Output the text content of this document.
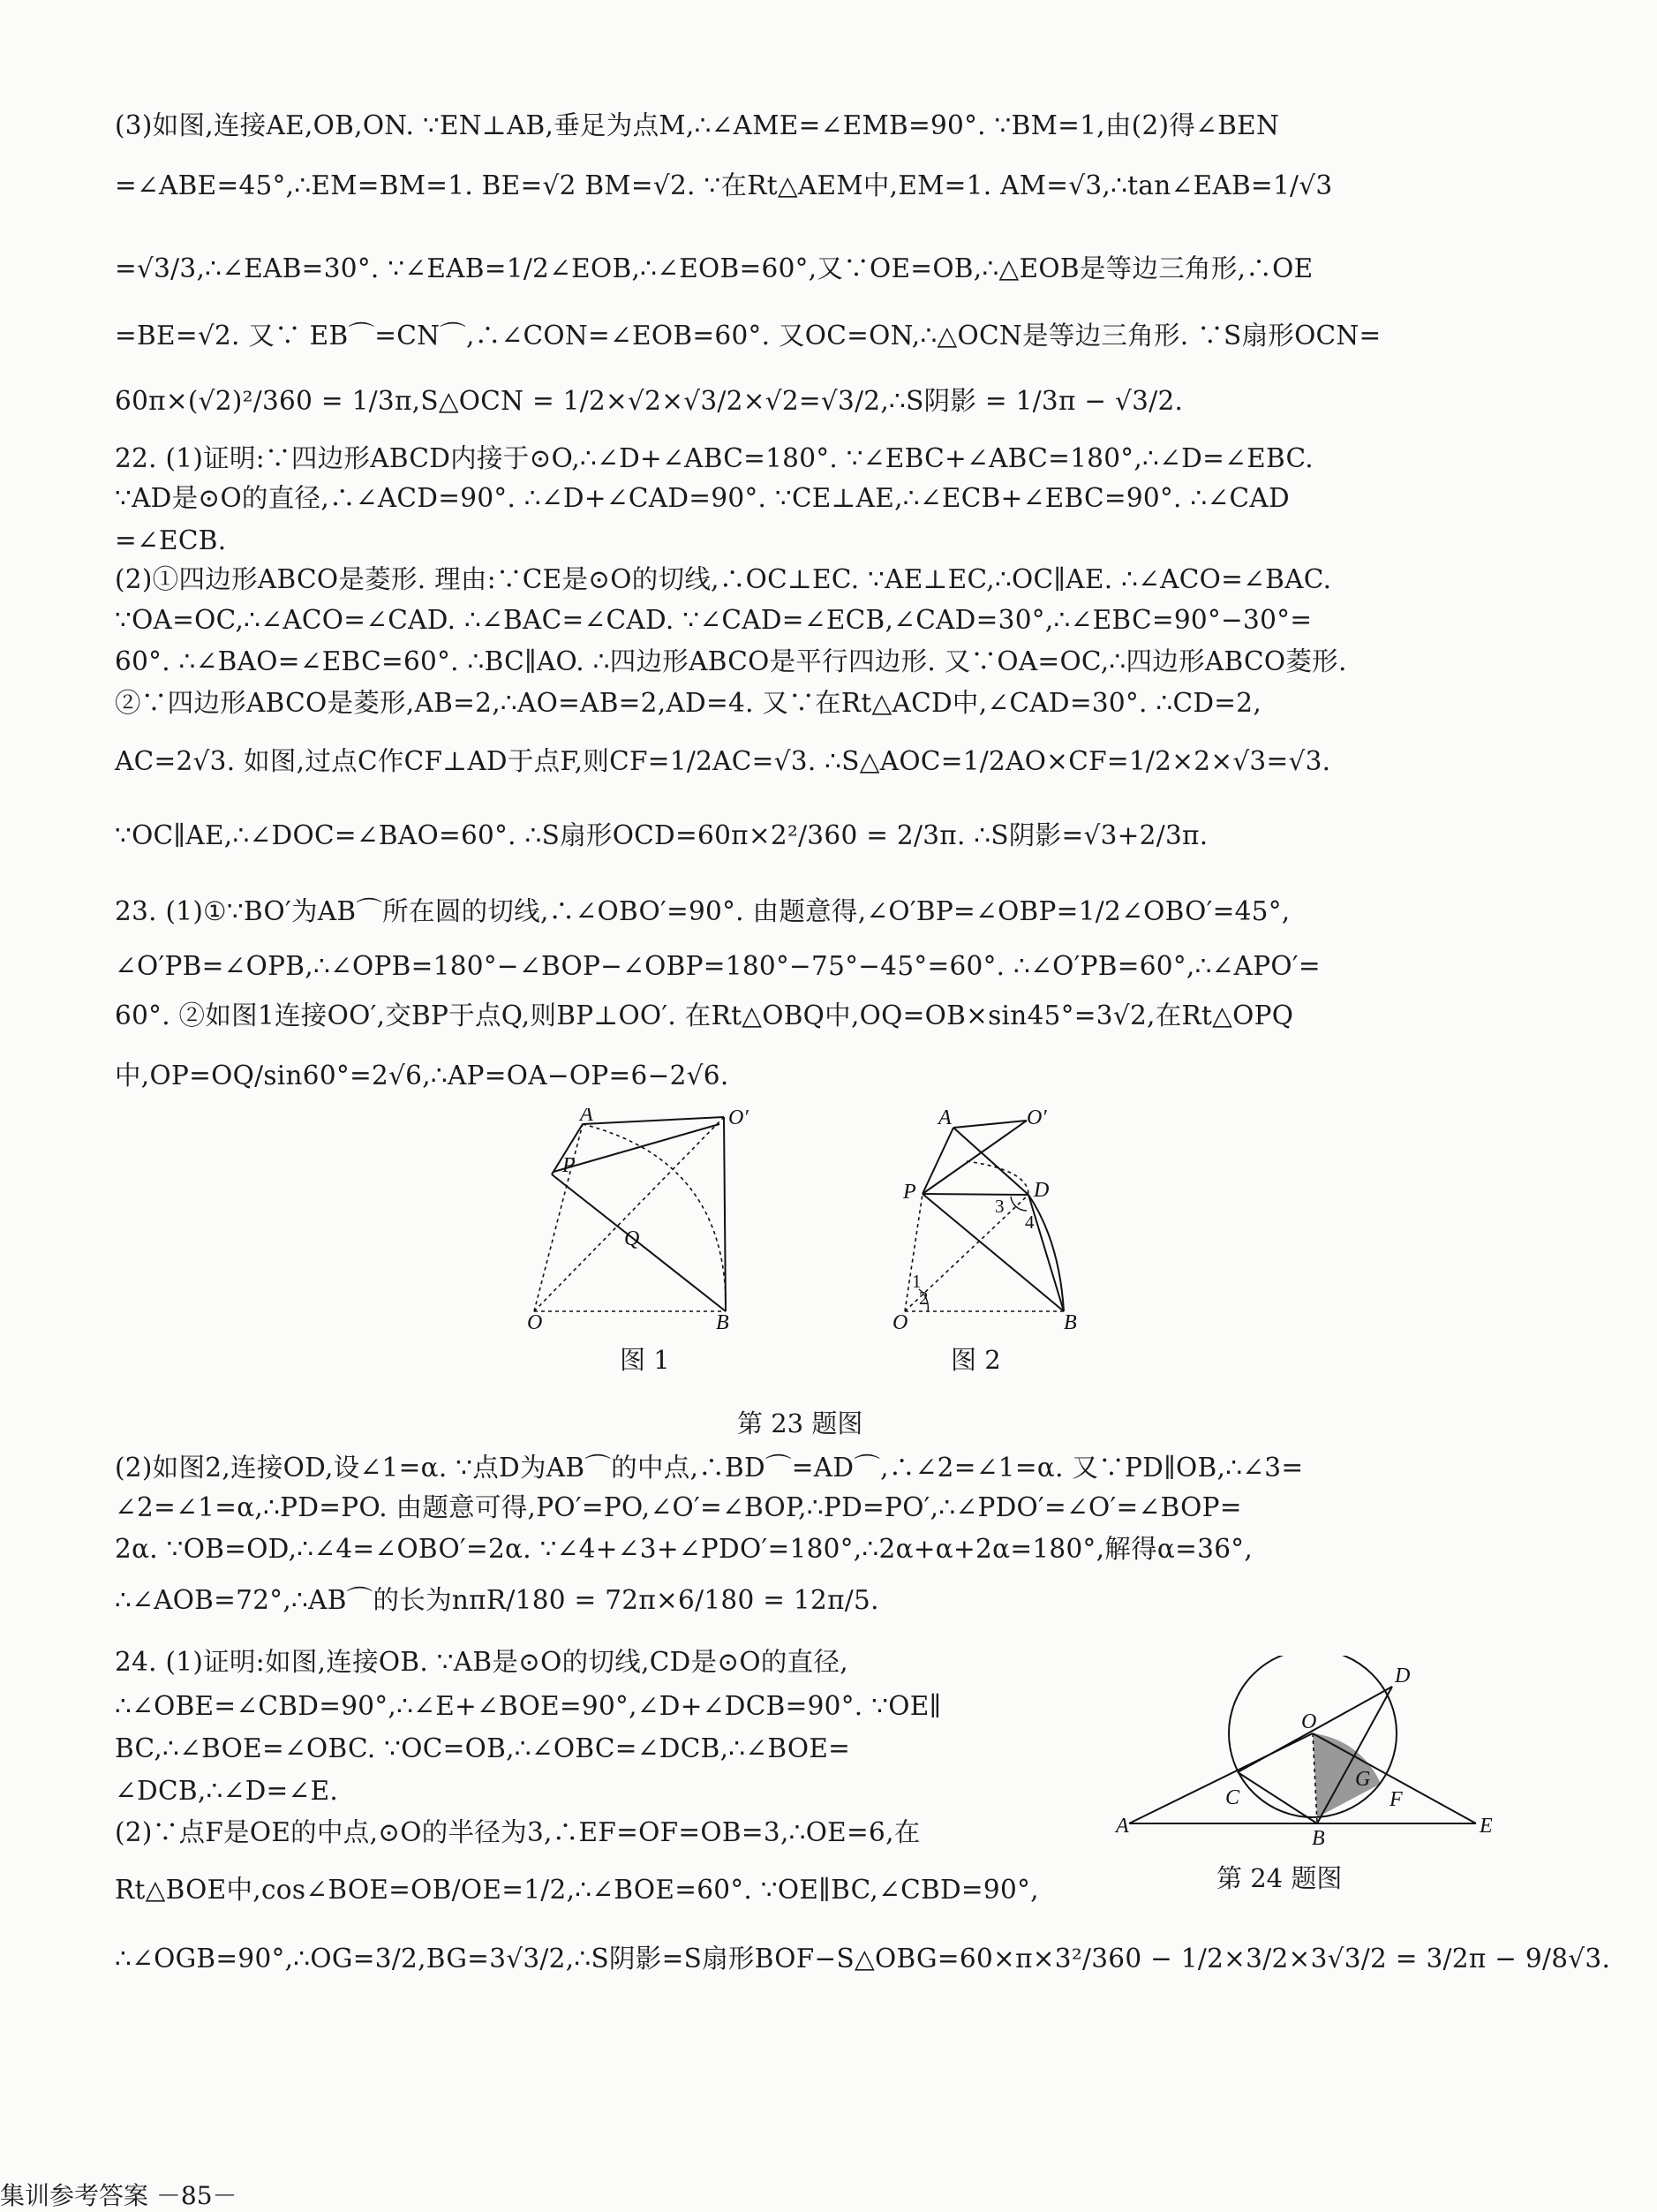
(3)如图,连接AE,OB,ON. ∵EN⊥AB,垂足为点M,∴∠AME=∠EMB=90°. ∵BM=1,由(2)得∠BEN
=∠ABE=45°,∴EM=BM=1. BE=√2 BM=√2. ∵在Rt△AEM中,EM=1. AM=√3,∴tan∠EAB=1/√3
=√3/3,∴∠EAB=30°. ∵∠EAB=1/2∠EOB,∴∠EOB=60°,又∵OE=OB,∴△EOB是等边三角形,∴OE
=BE=√2. 又∵ EB⌒=CN⌒,∴∠CON=∠EOB=60°. 又OC=ON,∴△OCN是等边三角形. ∵S扇形OCN=
60π×(√2)²/360 = 1/3π,S△OCN = 1/2×√2×√3/2×√2=√3/2,∴S阴影 = 1/3π − √3/2.
22. (1)证明:∵四边形ABCD内接于⊙O,∴∠D+∠ABC=180°. ∵∠EBC+∠ABC=180°,∴∠D=∠EBC.
∵AD是⊙O的直径,∴∠ACD=90°. ∴∠D+∠CAD=90°. ∵CE⊥AE,∴∠ECB+∠EBC=90°. ∴∠CAD
=∠ECB.
(2)①四边形ABCO是菱形. 理由:∵CE是⊙O的切线,∴OC⊥EC. ∵AE⊥EC,∴OC∥AE. ∴∠ACO=∠BAC.
∵OA=OC,∴∠ACO=∠CAD. ∴∠BAC=∠CAD. ∵∠CAD=∠ECB,∠CAD=30°,∴∠EBC=90°−30°=
60°. ∴∠BAO=∠EBC=60°. ∴BC∥AO. ∴四边形ABCO是平行四边形. 又∵OA=OC,∴四边形ABCO菱形.
②∵四边形ABCO是菱形,AB=2,∴AO=AB=2,AD=4. 又∵在Rt△ACD中,∠CAD=30°. ∴CD=2,
AC=2√3. 如图,过点C作CF⊥AD于点F,则CF=1/2AC=√3. ∴S△AOC=1/2AO×CF=1/2×2×√3=√3.
∵OC∥AE,∴∠DOC=∠BAO=60°. ∴S扇形OCD=60π×2²/360 = 2/3π. ∴S阴影=√3+2/3π.
23. (1)①∵BO′为AB⌒所在圆的切线,∴∠OBO′=90°. 由题意得,∠O′BP=∠OBP=1/2∠OBO′=45°,
∠O′PB=∠OPB,∴∠OPB=180°−∠BOP−∠OBP=180°−75°−45°=60°. ∴∠O′PB=60°,∴∠APO′=
60°. ②如图1连接OO′,交BP于点Q,则BP⊥OO′. 在Rt△OBQ中,OQ=OB×sin45°=3√2,在Rt△OPQ
中,OP=OQ/sin60°=2√6,∴AP=OA−OP=6−2√6.
A	O′
P
Q
O	B
A	O′
P	D
3
4
1
2
O	B
图 1	图 2
第 23 题图
(2)如图2,连接OD,设∠1=α. ∵点D为AB⌒的中点,∴BD⌒=AD⌒,∴∠2=∠1=α. 又∵PD∥OB,∴∠3=
∠2=∠1=α,∴PD=PO. 由题意可得,PO′=PO,∠O′=∠BOP,∴PD=PO′,∴∠PDO′=∠O′=∠BOP=
2α. ∵OB=OD,∴∠4=∠OBO′=2α. ∵∠4+∠3+∠PDO′=180°,∴2α+α+2α=180°,解得α=36°,
∴∠AOB=72°,∴AB⌒的长为nπR/180 = 72π×6/180 = 12π/5.
24. (1)证明:如图,连接OB. ∵AB是⊙O的切线,CD是⊙O的直径,
∴∠OBE=∠CBD=90°,∴∠E+∠BOE=90°,∠D+∠DCB=90°. ∵OE∥
BC,∴∠BOE=∠OBC. ∵OC=OB,∴∠OBC=∠DCB,∴∠BOE=
∠DCB,∴∠D=∠E.
(2)∵点F是OE的中点,⊙O的半径为3,∴EF=OF=OB=3,∴OE=6,在
Rt△BOE中,cos∠BOE=OB/OE=1/2,∴∠BOE=60°. ∵OE∥BC,∠CBD=90°,
∴∠OGB=90°,∴OG=3/2,BG=3√3/2,∴S阴影=S扇形BOF−S△OBG=60×π×3²/360 − 1/2×3/2×3√3/2 = 3/2π − 9/8√3.
D
O
G
F
C
A
B
E
第 24 题图
集训参考答案 －85－
